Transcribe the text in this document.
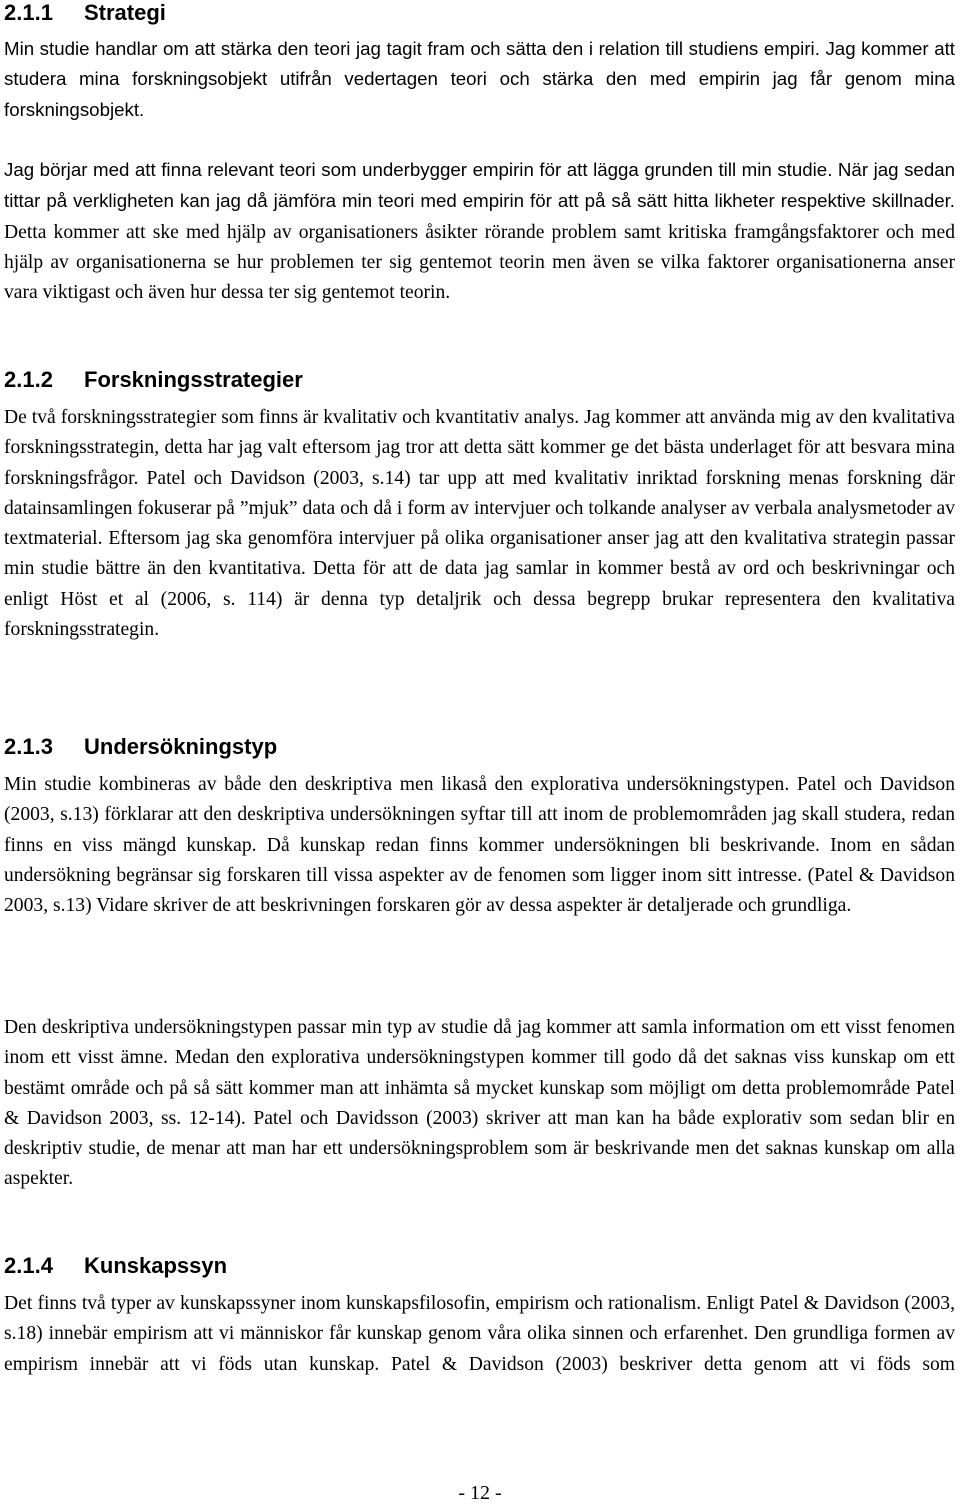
2.1.1 Strategi

Min studie handlar om att stärka den teori jag tagit fram och sätta den i relation till studiens empiri. Jag kommer att studera mina forskningsobjekt utifrån vedertagen teori och stärka den med empirin jag får genom mina forskningsobjekt.

Jag börjar med att finna relevant teori som underbygger empirin för att lägga grunden till min studie. När jag sedan tittar på verkligheten kan jag då jämföra min teori med empirin för att på så sätt hitta likheter respektive skillnader. Detta kommer att ske med hjälp av organisationers åsikter rörande problem samt kritiska framgångsfaktorer och med hjälp av organisationerna se hur problemen ter sig gentemot teorin men även se vilka faktorer organisationerna anser vara viktigast och även hur dessa ter sig gentemot teorin.

2.1.2 Forskningsstrategier

De två forskningsstrategier som finns är kvalitativ och kvantitativ analys. Jag kommer att använda mig av den kvalitativa forskningsstrategin, detta har jag valt eftersom jag tror att detta sätt kommer ge det bästa underlaget för att besvara mina forskningsfrågor. Patel och Davidson (2003, s.14) tar upp att med kvalitativ inriktad forskning menas forskning där datainsamlingen fokuserar på ”mjuk” data och då i form av intervjuer och tolkande analyser av verbala analysmetoder av textmaterial. Eftersom jag ska genomföra intervjuer på olika organisationer anser jag att den kvalitativa strategin passar min studie bättre än den kvantitativa. Detta för att de data jag samlar in kommer bestå av ord och beskrivningar och enligt Höst et al (2006, s. 114) är denna typ detaljrik och dessa begrepp brukar representera den kvalitativa forskningsstrategin.

2.1.3 Undersökningstyp

Min studie kombineras av både den deskriptiva men likaså den explorativa undersökningstypen. Patel och Davidson (2003, s.13) förklarar att den deskriptiva undersökningen syftar till att inom de problemområden jag skall studera, redan finns en viss mängd kunskap. Då kunskap redan finns kommer undersökningen bli beskrivande. Inom en sådan undersökning begränsar sig forskaren till vissa aspekter av de fenomen som ligger inom sitt intresse. (Patel & Davidson 2003, s.13) Vidare skriver de att beskrivningen forskaren gör av dessa aspekter är detaljerade och grundliga.

Den deskriptiva undersökningstypen passar min typ av studie då jag kommer att samla information om ett visst fenomen inom ett visst ämne. Medan den explorativa undersökningstypen kommer till godo då det saknas viss kunskap om ett bestämt område och på så sätt kommer man att inhämta så mycket kunskap som möjligt om detta problemområde Patel & Davidson 2003, ss. 12-14). Patel och Davidsson (2003) skriver att man kan ha både explorativ som sedan blir en deskriptiv studie, de menar att man har ett undersökningsproblem som är beskrivande men det saknas kunskap om alla aspekter.

2.1.4 Kunskapssyn

Det finns två typer av kunskapssyner inom kunskapsfilosofin, empirism och rationalism. Enligt Patel & Davidson (2003, s.18) innebär empirism att vi människor får kunskap genom våra olika sinnen och erfarenhet. Den grundliga formen av empirism innebär att vi föds utan kunskap. Patel & Davidson (2003) beskriver detta genom att vi föds som

- 12 -
